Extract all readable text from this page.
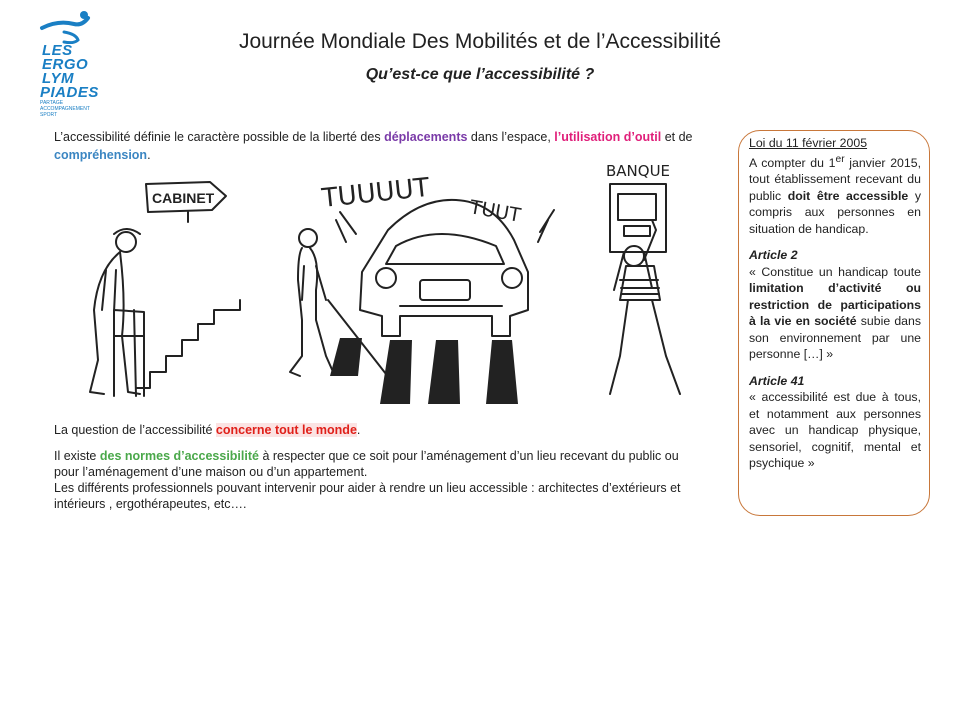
LES
ERGO
LYM
PIADES
PARTAGE ACCOMPAGNEMENT SPORT
Journée Mondiale Des Mobilités et de l’Accessibilité
Qu’est-ce que l’accessibilité ?
L’accessibilité définie le caractère possible de la liberté des déplacements dans l’espace, l’utilisation d’outil et de compréhension.
CABINET	TUUUUT TUUT
BANQUE
La question de l’accessibilité concerne tout le monde.

Il existe des normes d’accessibilité à respecter que ce soit pour l’aménagement d’un lieu recevant du public ou pour l’aménagement d’une maison ou d’un appartement.

Les différents professionnels pouvant intervenir pour aider à rendre un lieu accessible : architectes d’extérieurs et intérieurs , ergothérapeutes, etc….

Loi du 11 février 2005

A compter du 1er janvier 2015, tout établissement recevant du public doit être accessible y compris aux personnes en situation de handicap.

Article 2

« Constitue un handicap toute limitation d’activité ou restriction de participations à la vie en société subie dans son environnement par une personne […] »

Article 41

« accessibilité est due à tous, et notamment aux personnes avec un handicap physique, sensoriel, cognitif, mental et psychique »
